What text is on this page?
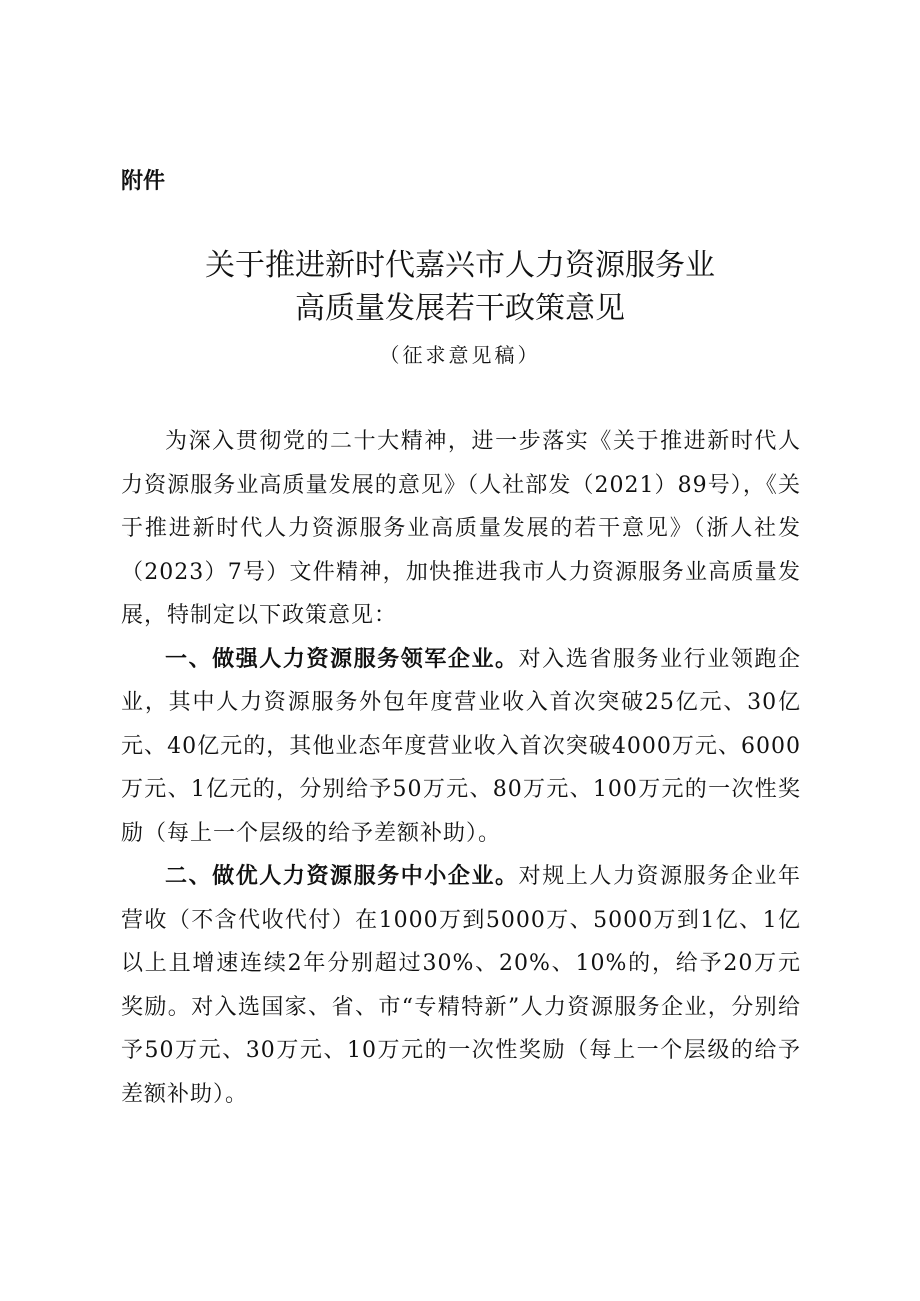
附件

关于推进新时代嘉兴市人力资源服务业
高质量发展若干政策意见

（征求意见稿）

为深入贯彻党的二十大精神，进一步落实《关于推进新时代人力资源服务业高质量发展的意见》（人社部发（2021）89号），《关于推进新时代人力资源服务业高质量发展的若干意见》（浙人社发（2023）7号）文件精神，加快推进我市人力资源服务业高质量发展，特制定以下政策意见：

一、做强人力资源服务领军企业。对入选省服务业行业领跑企业，其中人力资源服务外包年度营业收入首次突破25亿元、30亿元、40亿元的，其他业态年度营业收入首次突破4000万元、6000万元、1亿元的，分别给予50万元、80万元、100万元的一次性奖励（每上一个层级的给予差额补助）。

二、做优人力资源服务中小企业。对规上人力资源服务企业年营收（不含代收代付）在1000万到5000万、5000万到1亿、1亿以上且增速连续2年分别超过30%、20%、10%的，给予20万元奖励。对入选国家、省、市“专精特新”人力资源服务企业，分别给予50万元、30万元、10万元的一次性奖励（每上一个层级的给予差额补助）。
